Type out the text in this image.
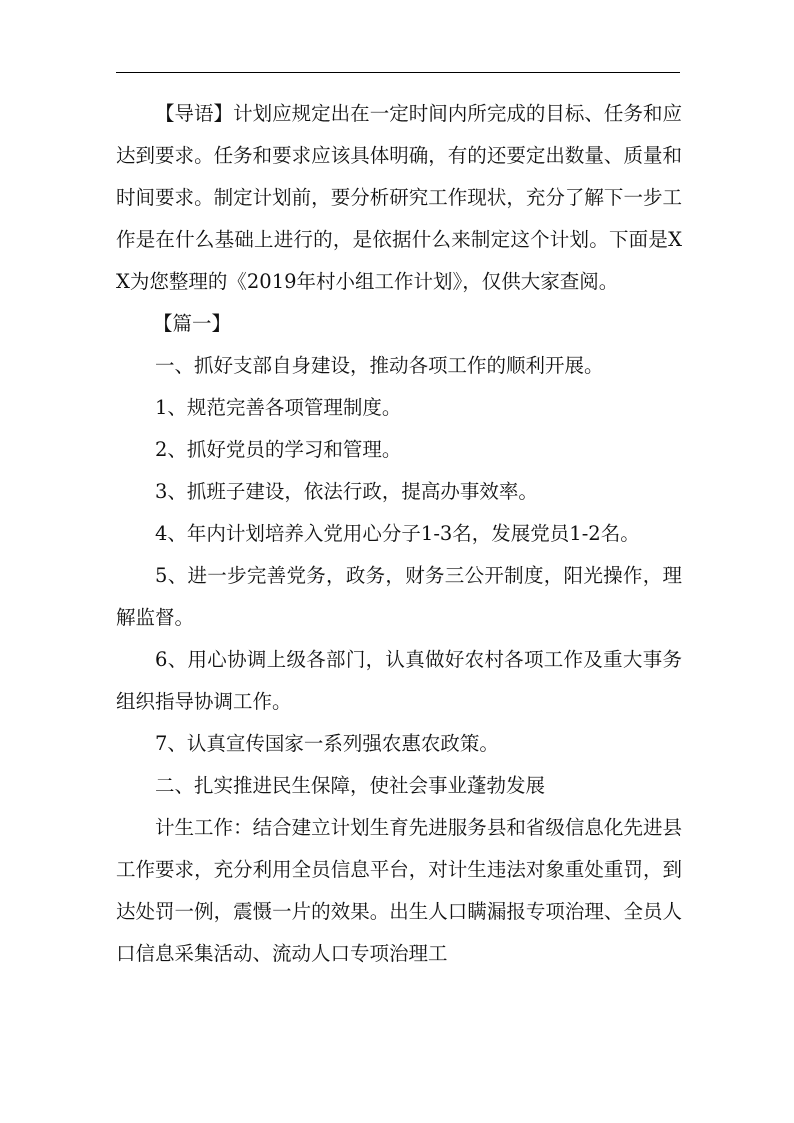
【导语】计划应规定出在一定时间内所完成的目标、任务和应达到要求。任务和要求应该具体明确，有的还要定出数量、质量和时间要求。制定计划前，要分析研究工作现状，充分了解下一步工作是在什么基础上进行的，是依据什么来制定这个计划。下面是XX为您整理的《2019年村小组工作计划》，仅供大家查阅。

【篇一】

一、抓好支部自身建设，推动各项工作的顺利开展。

1、规范完善各项管理制度。

2、抓好党员的学习和管理。

3、抓班子建设，依法行政，提高办事效率。

4、年内计划培养入党用心分子1-3名，发展党员1-2名。

5、进一步完善党务，政务，财务三公开制度，阳光操作，理解监督。

6、用心协调上级各部门，认真做好农村各项工作及重大事务组织指导协调工作。

7、认真宣传国家一系列强农惠农政策。

二、扎实推进民生保障，使社会事业蓬勃发展

计生工作：结合建立计划生育先进服务县和省级信息化先进县工作要求，充分利用全员信息平台，对计生违法对象重处重罚，到达处罚一例，震慑一片的效果。出生人口瞒漏报专项治理、全员人口信息采集活动、流动人口专项治理工
